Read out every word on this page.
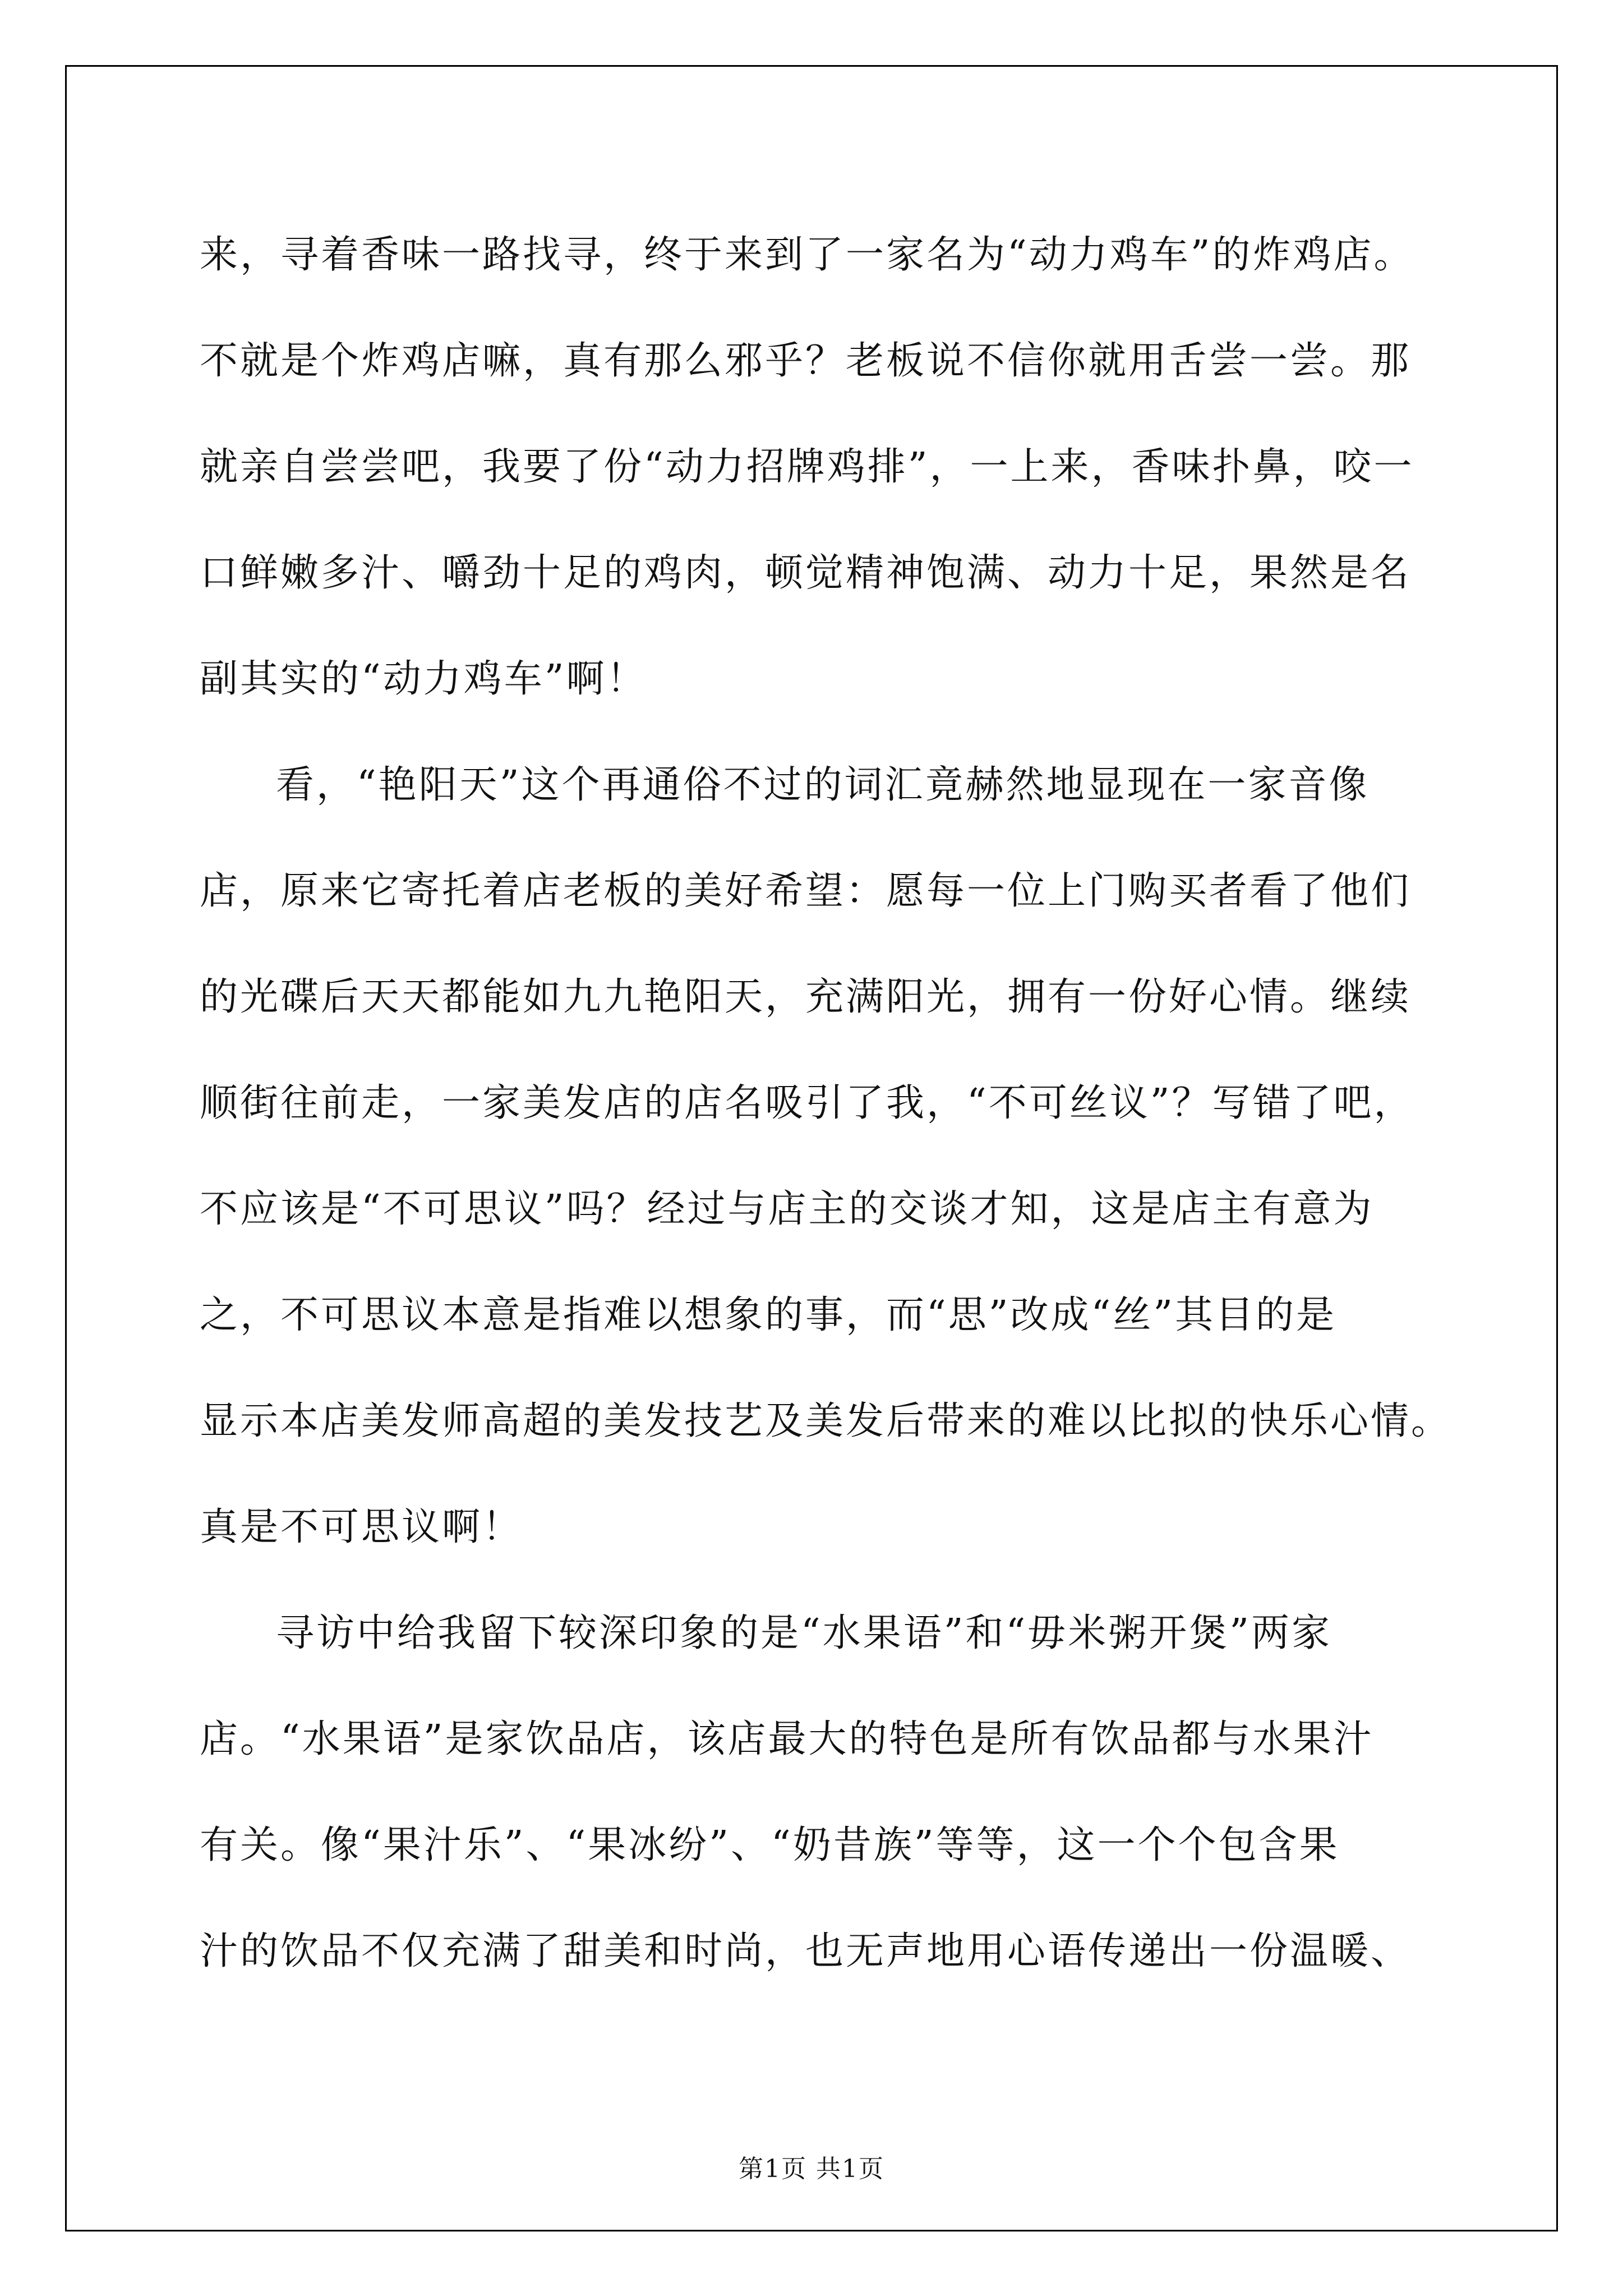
来，寻着香味一路找寻，终于来到了一家名为“动力鸡车”的炸鸡店。
不就是个炸鸡店嘛，真有那么邪乎？老板说不信你就用舌尝一尝。那
就亲自尝尝吧，我要了份“动力招牌鸡排”，一上来，香味扑鼻，咬一
口鲜嫩多汁、嚼劲十足的鸡肉，顿觉精神饱满、动力十足，果然是名
副其实的“动力鸡车”啊！
看，“艳阳天”这个再通俗不过的词汇竟赫然地显现在一家音像
店，原来它寄托着店老板的美好希望：愿每一位上门购买者看了他们
的光碟后天天都能如九九艳阳天，充满阳光，拥有一份好心情。继续
顺街往前走，一家美发店的店名吸引了我，“不可丝议”？写错了吧，
不应该是“不可思议”吗？经过与店主的交谈才知，这是店主有意为
之，不可思议本意是指难以想象的事，而“思”改成“丝”其目的是
显示本店美发师高超的美发技艺及美发后带来的难以比拟的快乐心情。
真是不可思议啊！
寻访中给我留下较深印象的是“水果语”和“毋米粥开煲”两家
店。“水果语”是家饮品店，该店最大的特色是所有饮品都与水果汁
有关。像“果汁乐”、“果冰纷”、“奶昔族”等等，这一个个包含果
汁的饮品不仅充满了甜美和时尚，也无声地用心语传递出一份温暖、
第1页 共1页
